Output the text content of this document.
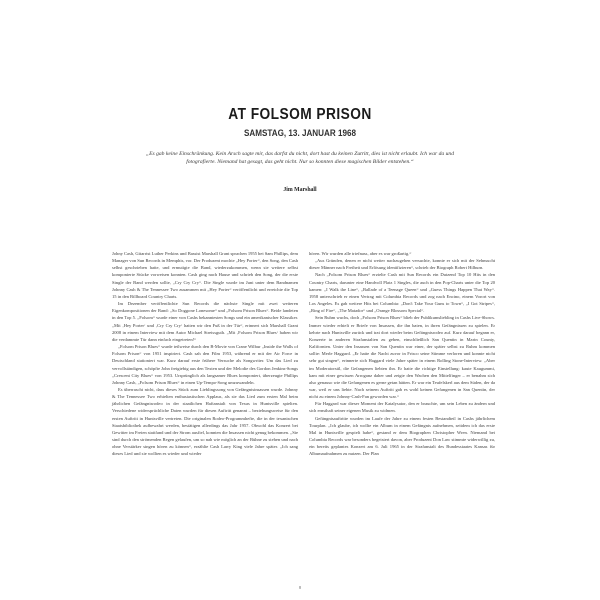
AT FOLSOM PRISON
SAMSTAG, 13. JANUAR 1968
„Es gab keine Einschränkung. Kein Arsch sagte mir, das darfst du nicht, dort hast du keinen Zutritt, dies ist nicht erlaubt. Ich war da und fotografierte. Niemand hat gesagt, das geht nicht. Nur so konnten diese magischen Bilder entstehen.“
Jim Marshall

Johny Cash, Gitarrist Luther Perkins und Bassist Marshall Grant sprachen 1955 bei Sam Phillips, dem Manager von Sun Records in Memphis, vor. Der Produzent mochte „Hey Porter“, den Song, den Cash selbst geschrieben hatte, und ermutigte die Band, wiederzukommen, wenn sie weitere selbst komponierte Stücke vorweisen konnten. Cash ging nach Hause und schrieb den Song, der die erste Single der Band werden sollte, „Cry Cry Cry“. Die Single wurde im Juni unter dem Bandnamen Johnny Cash & The Tennessee Two zusammen mit „Hey Porter“ veröffentlicht und erreichte die Top 15 in den Billboard Country Charts.

Im Dezember veröffentlichte Sun Records die nächste Single mit zwei weiteren Eigenkompositionen der Band: „So Doggone Lonesome“ und „Folsom Prison Blues“. Beide landeten in den Top 5. „Folsom“ wurde einer von Cashs bekanntesten Songs und ein amerikanischer Klassiker. „Mit ‚Hey Porter‘ und ‚Cry Cry Cry‘ hatten wir den Fuß in der Tür“, erinnert sich Marshall Grant 2008 in einem Interview mit dem Autor Michael Streissguth. „Mit ‚Folsom Prison Blues‘ haben wir die verdammte Tür dann einfach eingetreten!“

„Folsom Prison Blues“ wurde teilweise durch den B-Movie von Crane Wilbur „Inside the Walls of Folsom Prison“ von 1951 inspiriert. Cash sah den Film 1953, während er mit der Air Force in Deutschland stationiert war. Kurz darauf erste frühere Versuche als Songwriter. Um das Lied zu vervollständigen, schöpfte John freigiebig aus den Texten und der Melodie des Gordon Jenkins-Songs „Crescent City Blues“ von 1953. Ursprünglich als langsamer Blues komponiert, überzeugte Phillips Johnny Cash, „Folsom Prison Blues“ in einen Up-Tempo-Song umzuwandeln.

Es überrascht nicht, dass dieses Stück zum Lieblingssong von Gefängnisinsassen wurde. Johnny & The Tennessee Two erhielten enthusiastischen Applaus, als sie das Lied zum ersten Mal beim jährlichen Gefängnisrodeo in der staatlichen Haftanstalt von Texas in Huntsville spielten. Verschiedene widersprüchliche Daten wurden für diesen Auftritt genannt – beziehungsweise für den ersten Auftritt in Huntsville vertreten. Die originalen Rodeo-Programmhefte, die in der texanischen Staatsbibliothek aufbewahrt werden, bestätigen allerdings das Jahr 1957. Obwohl das Konzert bei Gewitter im Freien stattfand und der Strom ausfiel, konnten die Insassen nicht genug bekommen. „Sie sind durch den strömenden Regen gelaufen, um so nah wie möglich an der Bühne zu stehen und nach ohne Verstärker singen hören zu können“, erzählte Cash Larry King viele Jahre später. „Ich sang dieses Lied und sie wollten es wieder und wieder

hören. Wir wurden alle triefnass, aber es war großartig.“

„Aus Gründen, denen er nicht weiter nachzugehen versuchte, konnte er sich mit der Sehnsucht dieser Männer nach Freiheit und Erlösung identifizieren“, schrieb der Biograph Robert Hilburn.

Nach „Folsom Prison Blues“ erzielte Cash mit Sun Records ein Dutzend Top 10 Hits in den Country Charts, darunter eine Handvoll Platz 1 Singles, die auch in den Pop-Charts unter die Top 20 kamen: „I Walk the Line“, „Ballade of a Teenage Queen“ und „Guess Things Happen That Way“. 1958 unterschrieb er einen Vertrag mit Columbia Records und zog nach Encino, einem Vorort von Los Angeles. Es gab weitere Hits bei Columbia: „Don't Take Your Guns to Town“, „I Got Stripes“, „Ring of Fire“, „The Matador“ und „Orange Blossom Special“.

Sein Ruhm wuchs, doch „Folsom Prison Blues“ blieb der Publikumsliebling in Cashs Live-Shows. Immer wieder erhielt er Briefe von Insassen, die ihn baten, in ihren Gefängnissen zu spielen. Er kehrte nach Huntsville zurück und trat dort wieder beim Gefängnisrodeo auf. Kurz darauf begann er, Konzerte in anderen Strafanstalten zu geben, einschließlich San Quentin in Marin County, Kalifornien. Unter den Insassen von San Quentin war einer, der später selbst zu Ruhm kommen sollte: Merle Haggard. „Er hatte die Nacht zuvor in Frisco seine Stimme verloren und konnte nicht sehr gut singen“, erinnerte sich Haggard viele Jahre später in einem Rolling Stone-Interview. „Aber im Moderatorstil, die Gefangenen liebten ihn. Er hatte die richtige Einstellung: kaute Kaugummi, kam mit einer gewissen Arroganz daher und zeigte den Wachen den Mittelfinger – er benahm sich also genauso wie die Gefangenen es gerne getan hätten. Er war ein Teufelskerl aus dem Süden, der da war, weil er uns liebte. Nach seinem Auftritt gab es wohl keinen Gefangenen in San Quentin, der nicht zu einem Johnny-Cash-Fan geworden war.“

Für Haggard war dieser Moment der Katalysator, den er brauchte, um sein Leben zu ändern und sich ernsthaft seiner eigenen Musik zu widmen.

Gefängnisauftritte wurden im Laufe der Jahre zu einem festen Bestandteil in Cashs jährlichem Tourplan. „Ich glaube, ich wollte ein Album in einem Gefängnis aufnehmen, seitdem ich das erste Mal in Huntsville gespielt habe“, gestand er dem Biographen Christopher Wren. Niemand bei Columbia Records war besonders begeistert davon, aber Produzent Don Law stimmte widerwillig zu, ein bereits geplantes Konzert am 6. Juli 1965 in der Strafanstalt des Bundesstaates Kansas für Albumaufnahmen zu nutzen. Der Plan

8
